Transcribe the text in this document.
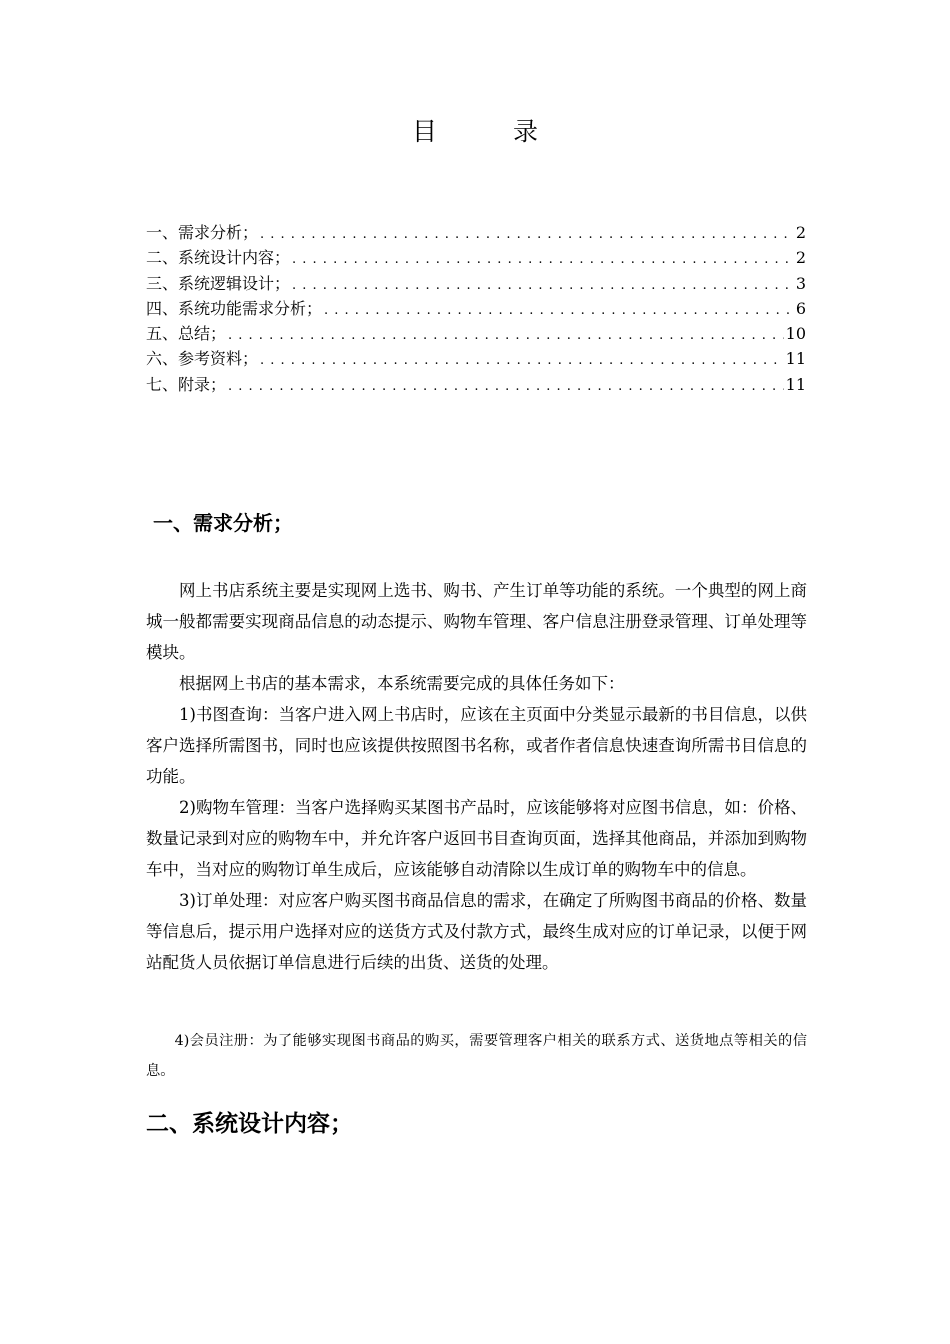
目 录
一、需求分析； . . .	2
二、系统设计内容； . . .	2
三、系统逻辑设计； . . .	3
四、系统功能需求分析； . . .	6
五、总结； . . .	10
六、参考资料； . . .	11
七、附录； . . .	11
一、需求分析；

网上书店系统主要是实现网上选书、购书、产生订单等功能的系统。一个典型的网上商城一般都需要实现商品信息的动态提示、购物车管理、客户信息注册登录管理、订单处理等模块。

根据网上书店的基本需求，本系统需要完成的具体任务如下：

1)书图查询：当客户进入网上书店时，应该在主页面中分类显示最新的书目信息，以供客户选择所需图书，同时也应该提供按照图书名称，或者作者信息快速查询所需书目信息的功能。

2)购物车管理：当客户选择购买某图书产品时，应该能够将对应图书信息，如：价格、数量记录到对应的购物车中，并允许客户返回书目查询页面，选择其他商品，并添加到购物车中，当对应的购物订单生成后，应该能够自动清除以生成订单的购物车中的信息。

3)订单处理：对应客户购买图书商品信息的需求，在确定了所购图书商品的价格、数量等信息后，提示用户选择对应的送货方式及付款方式，最终生成对应的订单记录，以便于网站配货人员依据订单信息进行后续的出货、送货的处理。

4)会员注册：为了能够实现图书商品的购买，需要管理客户相关的联系方式、送货地点等相关的信息。

二、系统设计内容；
